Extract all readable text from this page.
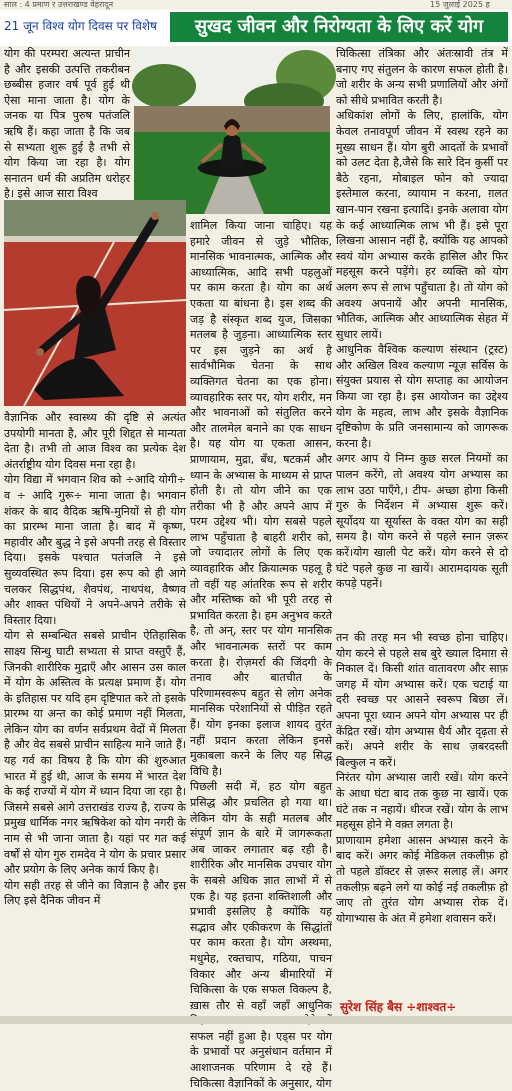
साल : 4 प्रमाण र उत्तराखण्ड वेहरादून	15 जुलाई 2025 ह
21 जून विश्व योग दिवस पर विशेष	सुखद जीवन और निरोग्यता के लिए करें योग

योग की परम्परा अत्यन्त प्राचीन है और इसकी उत्पत्ति तकरीबन छब्बीस हजार वर्ष पूर्व हुई थी ऐसा माना जाता है। योग के जनक या पित्र पुरुष पतंजलि ऋषि हैं। कहा जाता है कि जब से सभ्यता शुरू हुई है तभी से योग किया जा रहा है। योग सनातन धर्म की अप्रतिम धरोहर है। इसे आज सारा विश्व

चिकित्सा तंत्रिका और अंतःस्रावी तंत्र में बनाए गए संतुलन के कारण सफल होती है। जो शरीर के अन्य सभी प्रणालियों और अंगों को सीधे प्रभावित करती है।

अधिकांश लोगों के लिए, हालांकि, योग केवल तनावपूर्ण जीवन में स्वस्थ रहने का मुख्य साधन हैं। योग बुरी आदतों के प्रभावों को उलट देता है,जैसे कि सारे दिन कुर्सी पर बैठे रहना, मोबाइल फोन को ज्यादा इस्तेमाल करना, व्यायाम न करना, ग़लत खान-पान रखना इत्यादि। इनके अलावा योग के कई आध्यात्मिक लाभ भी हैं। इसे पूरा लिखना आसान नहीं है, क्योंकि यह आपको स्वयं योग अभ्यास करके हासिल और फिर महसूस करने पड़ेंगे। हर व्यक्ति को योग अलग रूप से लाभ पहुँचाता है। तो योग को अवश्य अपनायें और अपनी मानसिक, भौतिक, आत्मिक और आध्यात्मिक सेहत में सुधार लायें।

आधुनिक वैश्विक कल्याण संस्थान (ट्रस्ट) और अखिल विश्व कल्याण न्यूज़ सर्विस के संयुक्त प्रयास से योग सप्ताह का आयोजन किया जा रहा है। इस आयोजन का उद्देश्य योग के महत्व, लाभ और इसके वैज्ञानिक दृष्टिकोण के प्रति जनसामान्य को जागरूक करना है।

अगर आप ये निम्न कुछ सरल नियमों का पालन करेंगे, तो अवश्य योग अभ्यास का लाभ उठा पाएँगे,। टीप- अच्छा होगा किसी गुरु के निर्देशन में अभ्यास शुरू करें। सूर्योदय या सूर्यास्त के वक्त योग का सही समय है। योग करने से पहले स्नान ज़रूर करें।योग खाली पेट करें। योग करने से दो घंटे पहले कुछ ना खायें। आरामदायक सूती कपड़े पहनें।

शामिल किया जाना चाहिए। यह हमारे जीवन से जुड़े भौतिक, मानसिक भावनात्मक, आत्मिक और आध्यात्मिक, आदि सभी पहलुओं पर काम करता है। योग का अर्थ एकता या बांधना है। इस शब्द की जड़ है संस्कृत शब्द युज, जिसका मतलब है जुड़ना। आध्यात्मिक स्तर पर इस जुड़ने का अर्थ है सार्वभौमिक चेतना के साथ व्यक्तिगत चेतना का एक होना। व्यावहारिक स्तर पर, योग शरीर, मन और भावनाओं को संतुलित करने और तालमेल बनाने का एक साधन है। यह योग या एकता आसन, प्राणायाम, मुद्रा, बँध, षटकर्म और ध्यान के अभ्यास के माध्यम से प्राप्त होती है। तो योग जीने का एक तरीका भी है और अपने आप में परम उद्देश्य भी। योग सबसे पहले लाभ पहुँचाता है बाहरी शरीर को, जो ज्यादातर लोगों के लिए एक व्यावहारिक और क्रियात्मक पहलू है तो वहीं यह आंतरिक रूप से शरीर और मस्तिष्क को भी पूरी तरह से प्रभावित करता है। हम अनुभव करते है, तो अन्, स्तर पर योग मानसिक और भावनात्मक स्तरों पर काम करता है। रोज़मर्रा की जिंदगी के तनाव और बातचीत के परिणामस्वरूप बहुत से लोग अनेक मानसिक परेशानियों से पीड़ित रहते हैं। योग इनका इलाज शायद तुरंत नहीं प्रदान करता लेकिन इनसे मुकाबला करने के लिए यह सिद्ध विधि है।

पिछली सदी में, हठ योग बहुत प्रसिद्ध और प्रचलित हो गया था। लेकिन योग के सही मतलब और संपूर्ण ज्ञान के बारे में जागरूकता अब जाकर लगातार बढ़ रही है। शारीरिक और मानसिक उपचार योग के सबसे अधिक ज्ञात लाभों में से एक है। यह इतना शक्तिशाली और प्रभावी इसलिए है क्योंकि यह सद्भाव और एकीकरण के सिद्धांतों पर काम करता है। योग अस्थमा, मधुमेह, रक्तचाप, गठिया, पाचन विकार और अन्य बीमारियों में चिकित्सा के एक सफल विकल्प है, ख़ास तौर से वहाँ जहाँ आधुनिक सफल नहीं हुआ है। एड्स पर योग के प्रभावों पर अनुसंधान वर्तमान में आशाजनक परिणाम दे रहे हैं। चिकित्सा वैज्ञानिकों के अनुसार, योग

वैज्ञानिक और स्वास्थ्य की दृष्टि से अत्यंत उपयोगी मानता है, और पूरी शिद्दत से मान्यता देता है। तभी तो आज विश्व का प्रत्येक देश अंतर्राष्ट्रीय योग दिवस मना रहा है।

योग विद्या में भगवान शिव को ÷आदि योगी÷ व ÷ आदि गुरू÷ माना जाता है। भगवान शंकर के बाद वैदिक ऋषि-मुनियों से ही योग का प्रारम्भ माना जाता है। बाद में कृष्ण, महावीर और बुद्ध ने इसे अपनी तरह से विस्तार दिया। इसके पश्चात पतंजलि ने इसे सुव्यवस्थित रूप दिया। इस रूप को ही आगे चलकर सिद्धपंथ, शैवपंथ, नाथपंथ, वैष्णव और शाक्त पंथियों ने अपने-अपने तरीके से विस्तार दिया।

योग से सम्बन्धित सबसे प्राचीन ऐतिहासिक साक्ष्य सिन्धु घाटी सभ्यता से प्राप्त वस्तुएँ हैं, जिनकी शारीरिक मुद्राएँ और आसन उस काल में योग के अस्तित्व के प्रत्यक्ष प्रमाण हैं। योग के इतिहास पर यदि हम दृष्टिपात करे तो इसके प्रारम्भ या अन्त का कोई प्रमाण नहीं मिलता, लेकिन योग का वर्णन सर्वप्रथम वेदों में मिलता है और वेद सबसे प्राचीन साहित्य माने जाते हैं। यह गर्व का विषय है कि योग की शुरुआत भारत में हुई थी, आज के समय में भारत देश के कई राज्यों में योग में ध्यान दिया जा रहा है। जिसमे सबसे आगे उत्तराखंड राज्य है, राज्य के प्रमुख धार्मिक नगर ऋषिकेश को योग नगरी के नाम से भी जाना जाता है। यहां पर गत कई वर्षों से योग गुरु रामदेव ने योग के प्रचार प्रसार और प्रयोग के लिए अनेक कार्य किए है।

योग सही तरह से जीने का विज्ञान है और इस लिए इसे दैनिक जीवन में

तन की तरह मन भी स्वच्छ होना चाहिए। योग करने से पहले सब बुरे ख्याल दिमाग़ से निकाल दें। किसी शांत वातावरण और साफ़ जगह में योग अभ्यास करें। एक चटाई या दरी स्वच्छ पर आसने स्वरूप बिछा लें। अपना पूरा ध्यान अपने योग अभ्यास पर ही केंद्रित रखें। योग अभ्यास धैर्य और दृढ़ता से करें। अपने शरीर के साथ ज़बरदस्ती बिल्कुल न करें।

निरंतर योग अभ्यास जारी रखें। योग करने के आधा घंटा बाद तक कुछ ना खायें। एक घंटे तक न नहायें। धीरज रखें। योग के लाभ महसूस होने मे वक़्त लगता है।

प्राणायाम हमेशा आसन अभ्यास करने के बाद करें। अगर कोई मेडिकल तकलीफ़ हो तो पहले डॉक्टर से ज़रूर सलाह लें। अगर तकलीफ़ बढ़ने लगे या कोई नई तकलीफ़ हो जाए तो तुरंत योग अभ्यास रोक दें। योगाभ्यास के अंत में हमेशा शवासन करें।

सुरेश सिंह बैस ÷शाश्वत÷
